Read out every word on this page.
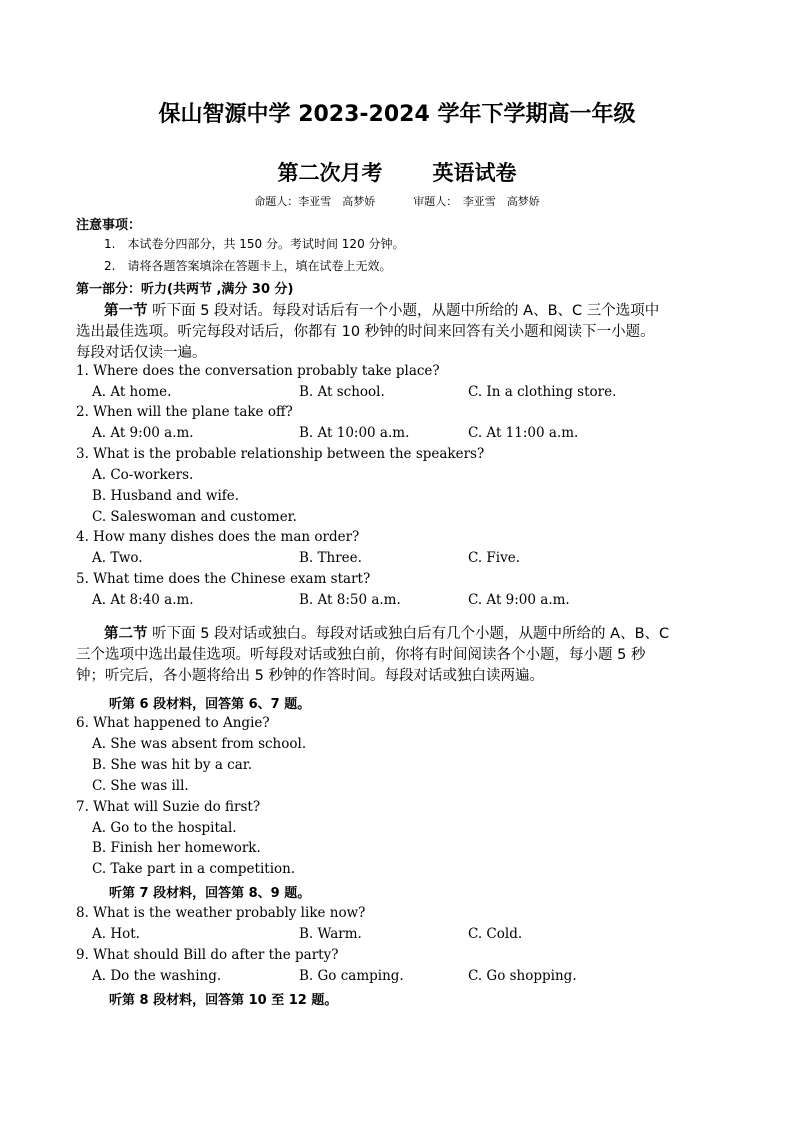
保山智源中学 2023-2024 学年下学期高一年级
第二次月考 英语试卷
命题人：李亚雪　高梦娇	审题人：　李亚雪　高梦娇
注意事项：
1.　本试卷分四部分，共 150 分。考试时间 120 分钟。
2.　请将各题答案填涂在答题卡上，填在试卷上无效。
第一部分：听力(共两节 ,满分 30 分)
第一节 听下面 5 段对话。每段对话后有一个小题，从题中所给的 A、B、C 三个选项中
选出最佳选项。听完每段对话后，你都有 10 秒钟的时间来回答有关小题和阅读下一小题。
每段对话仅读一遍。
1. Where does the conversation probably take place?
A. At home.	B. At school.	C. In a clothing store.
2. When will the plane take off?
A. At 9:00 a.m.	B. At 10:00 a.m.	C. At 11:00 a.m.
3. What is the probable relationship between the speakers?
A. Co-workers.
B. Husband and wife.
C. Saleswoman and customer.
4. How many dishes does the man order?
A. Two.	B. Three.	C. Five.
5. What time does the Chinese exam start?
A. At 8:40 a.m.	B. At 8:50 a.m.	C. At 9:00 a.m.
第二节 听下面 5 段对话或独白。每段对话或独白后有几个小题，从题中所给的 A、B、C
三个选项中选出最佳选项。听每段对话或独白前，你将有时间阅读各个小题，每小题 5 秒
钟；听完后，各小题将给出 5 秒钟的作答时间。每段对话或独白读两遍。
听第 6 段材料，回答第 6、7 题。
6. What happened to Angie?
A. She was absent from school.
B. She was hit by a car.
C. She was ill.
7. What will Suzie do first?
A. Go to the hospital.
B. Finish her homework.
C. Take part in a competition.
听第 7 段材料，回答第 8、9 题。
8. What is the weather probably like now?
A. Hot.	B. Warm.	C. Cold.
9. What should Bill do after the party?
A. Do the washing.	B. Go camping.	C. Go shopping.
听第 8 段材料，回答第 10 至 12 题。
